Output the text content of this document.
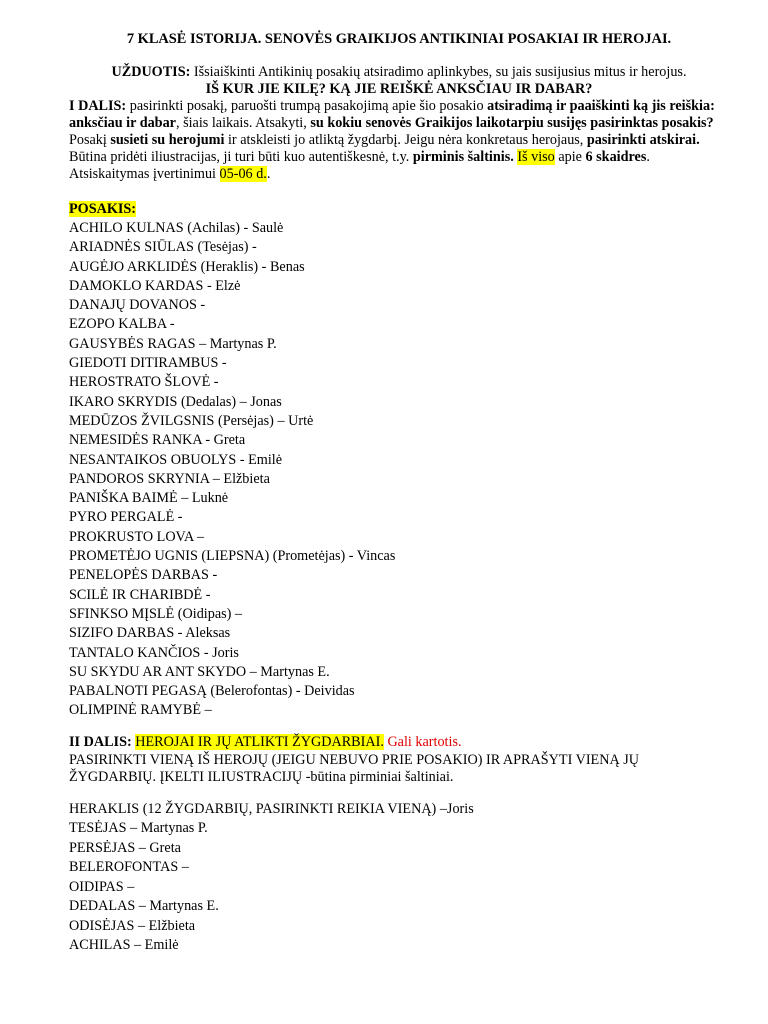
7 KLASĖ ISTORIJA. SENOVĖS GRAIKIJOS ANTIKINIAI POSAKIAI IR HEROJAI.

UŽDUOTIS: Išsiaiškinti Antikinių posakių atsiradimo aplinkybes, su jais susijusius mitus ir herojus.

IŠ KUR JIE KILĘ? KĄ JIE REIŠKĖ ANKSČIAU IR DABAR?

I DALIS: pasirinkti posakį, paruošti trumpą pasakojimą apie šio posakio atsiradimą ir paaiškinti ką jis reiškia: anksčiau ir dabar, šiais laikais. Atsakyti, su kokiu senovės Graikijos laikotarpiu susijęs pasirinktas posakis? Posakį susieti su herojumi ir atskleisti jo atliktą žygdarbį. Jeigu nėra konkretaus herojaus, pasirinkti atskirai. Būtina pridėti iliustracijas, ji turi būti kuo autentiškesnė, t.y. pirminis šaltinis. Iš viso apie 6 skaidres. Atsiskaitymas įvertinimui 05-06 d..

POSAKIS:

ACHILO KULNAS (Achilas) - Saulė
ARIADNĖS SIŪLAS (Tesėjas) -
AUGĖJO ARKLIDĖS (Heraklis) - Benas
DAMOKLO KARDAS - Elzė
DANAJŲ DOVANOS -
EZOPO KALBA -
GAUSYBĖS RAGAS – Martynas P.
GIEDOTI DITIRAMBUS -
HEROSTRATO ŠLOVĖ -
IKARO SKRYDIS (Dedalas) – Jonas
MEDŪZOS ŽVILGSNIS (Persėjas) – Urtė
NEMESIDĖS RANKA - Greta
NESANTAIKOS OBUOLYS - Emilė
PANDOROS SKRYNIA – Elžbieta
PANIŠKA BAIMĖ – Luknė
PYRO PERGALĖ -
PROKRUSTO LOVA –
PROMETĖJO UGNIS (LIEPSNA) (Prometėjas) - Vincas
PENELOPĖS DARBAS -
SCILĖ IR CHARIBDĖ -
SFINKSO MĮSLĖ (Oidipas) –
SIZIFO DARBAS - Aleksas
TANTALO KANČIOS - Joris
SU SKYDU AR ANT SKYDO – Martynas E.
PABALNOTI PEGASĄ (Belerofontas) - Deividas
OLIMPINĖ RAMYBĖ –

II DALIS: HEROJAI IR JŲ ATLIKTI ŽYGDARBIAI. Gali kartotis.

PASIRINKTI VIENĄ IŠ HEROJŲ (JEIGU NEBUVO PRIE POSAKIO) IR APRAŠYTI VIENĄ JŲ ŽYGDARBIŲ. ĮKELTI ILIUSTRACIJŲ -būtina pirminiai šaltiniai.

HERAKLIS (12 ŽYGDARBIŲ, PASIRINKTI REIKIA VIENĄ) –Joris
TESĖJAS – Martynas P.
PERSĖJAS – Greta
BELEROFONTAS –
OIDIPAS –
DEDALAS – Martynas E.
ODISĖJAS – Elžbieta
ACHILAS – Emilė
